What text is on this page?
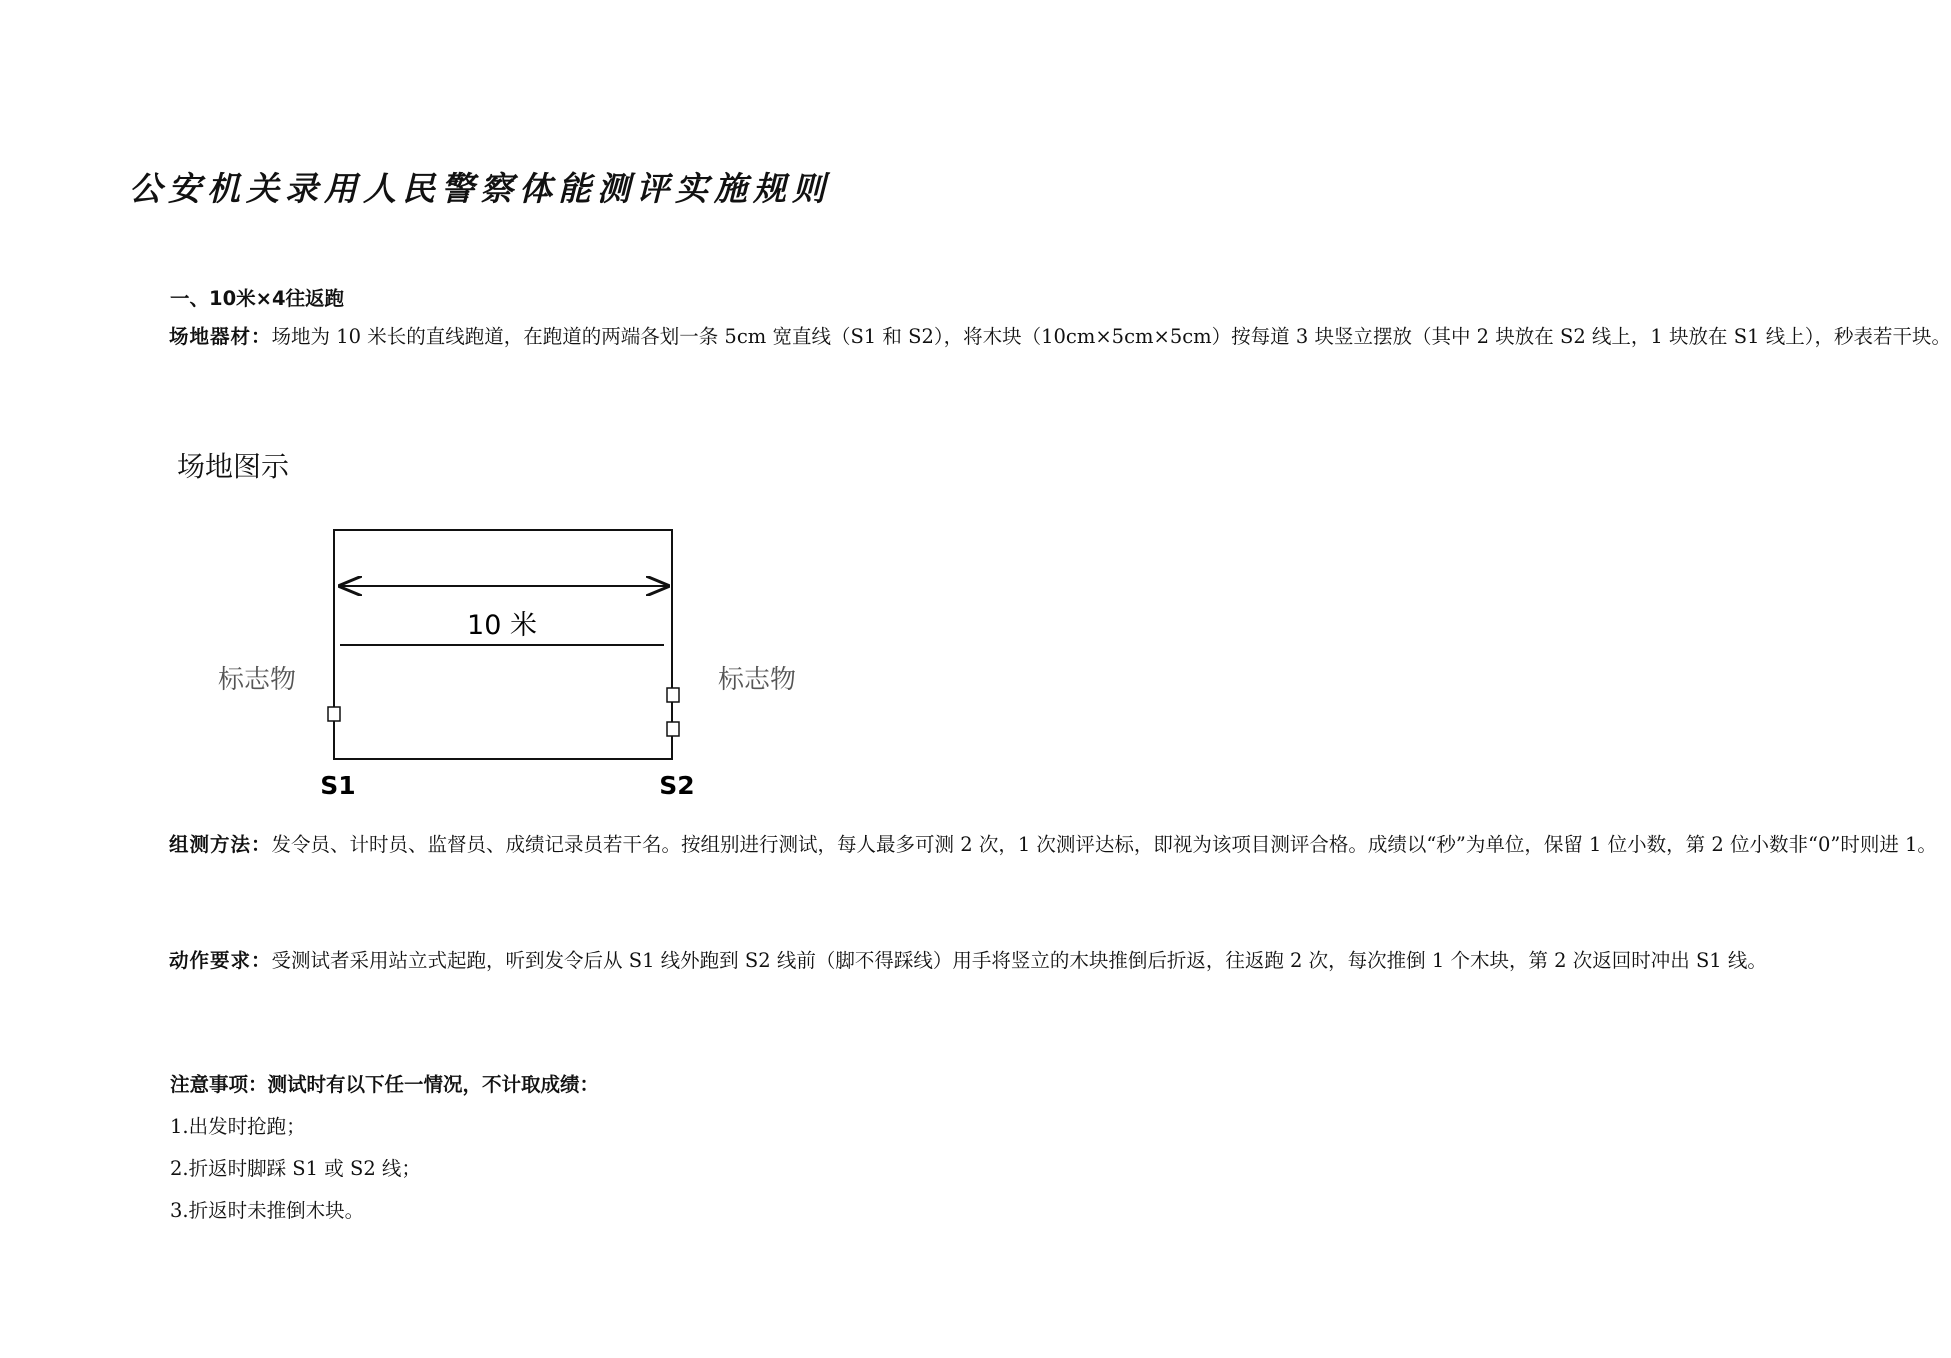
公安机关录用人民警察体能测评实施规则
一、10米×4往返跑
场地器材：场地为 10 米长的直线跑道，在跑道的两端各划一条 5cm 宽直线（S1 和 S2），将木块（10cm×5cm×5cm）按每道 3 块竖立摆放（其中 2 块放在 S2 线上，1 块放在 S1 线上），秒表若干块。
场地图示
10 米
标志物	标志物
S1	S2
组测方法：发令员、计时员、监督员、成绩记录员若干名。按组别进行测试，每人最多可测 2 次，1 次测评达标，即视为该项目测评合格。成绩以“秒”为单位，保留 1 位小数，第 2 位小数非“0”时则进 1。
动作要求：受测试者采用站立式起跑，听到发令后从 S1 线外跑到 S2 线前（脚不得踩线）用手将竖立的木块推倒后折返，往返跑 2 次，每次推倒 1 个木块，第 2 次返回时冲出 S1 线。
注意事项：测试时有以下任一情况，不计取成绩：
1.出发时抢跑；
2.折返时脚踩 S1 或 S2 线；
3.折返时未推倒木块。
